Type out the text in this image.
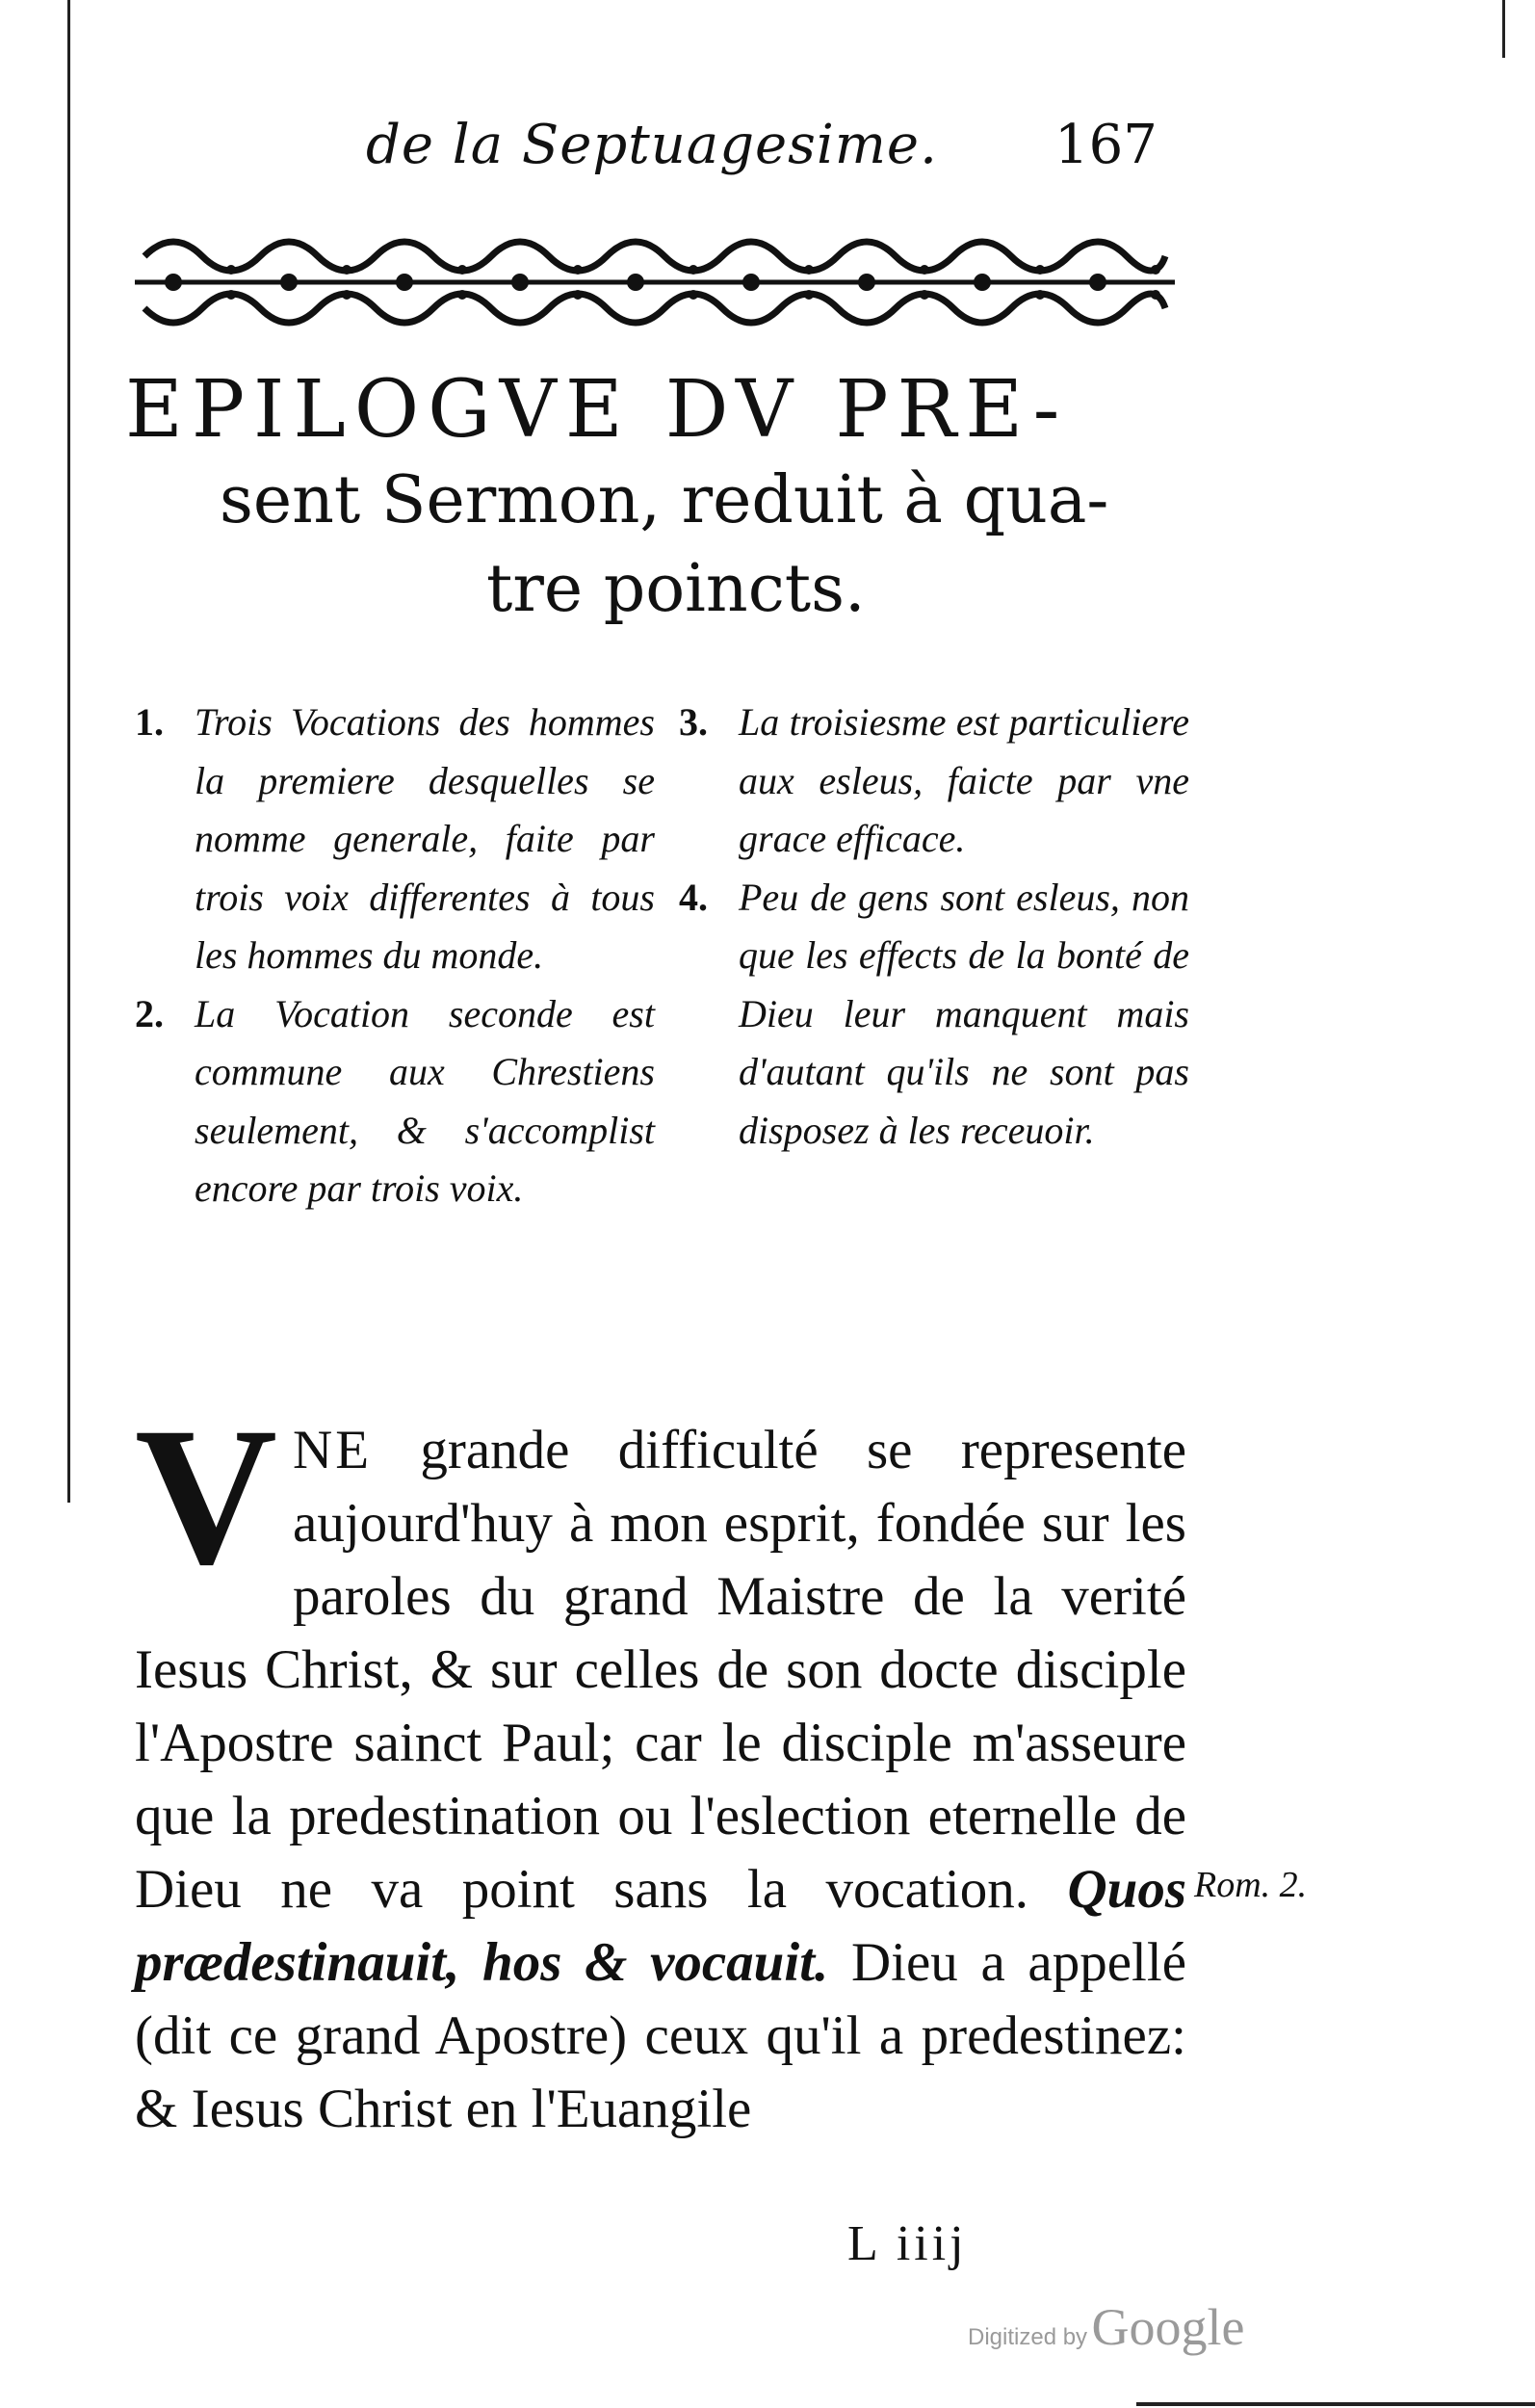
de la Septuagesime. 167
EPILOGVE DV PRE-
sent Sermon, reduit à qua-
tre poincts.
1. Trois Vocations des hommes la premiere desquelles se nomme generale, faite par trois voix differentes à tous les hommes du monde.
2. La Vocation seconde est commune aux Chrestiens seulement, & s'accomplist encore par trois voix.
3. La troisiesme est particuliere aux esleus, faicte par vne grace efficace.
4. Peu de gens sont esleus, non que les effects de la bonté de Dieu leur manquent mais d'autant qu'ils ne sont pas disposez à les receuoir.
VNE grande difficulté se represente aujourd'huy à mon esprit, fondée sur les paroles du grand Maistre de la verité Iesus Christ, & sur celles de son docte disciple l'Apostre sainct Paul; car le disciple m'asseure que la predestination ou l'eslection eternelle de Dieu ne va point sans la vocation. Quos prædestinauit, hos & vocauit. Dieu a appellé (dit ce grand Apostre) ceux qu'il a predestinez: & Iesus Christ en l'Euangile
Rom. 2.
L iiij
Digitized by Google
